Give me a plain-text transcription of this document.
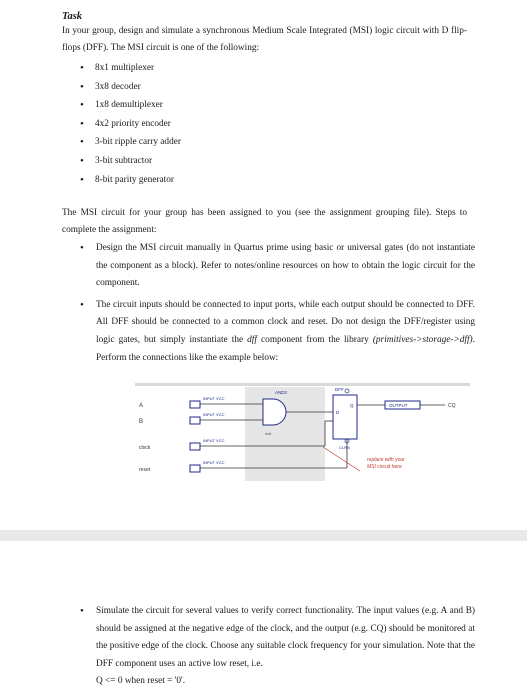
Task
In your group, design and simulate a synchronous Medium Scale Integrated (MSI) logic circuit with D flip-flops (DFF). The MSI circuit is one of the following:
• 8x1 multiplexer
• 3x8 decoder
• 1x8 demultiplexer
• 4x2 priority encoder
• 3-bit ripple carry adder
• 3-bit subtractor
• 8-bit parity generator
The MSI circuit for your group has been assigned to you (see the assignment grouping file). Steps to complete the assignment:
• Design the MSI circuit manually in Quartus prime using basic or universal gates (do not instantiate the component as a block). Refer to notes/online resources on how to obtain the logic circuit for the component.
• The circuit inputs should be connected to input ports, while each output should be connected to DFF. All DFF should be connected to a common clock and reset. Do not design the DFF/register using logic gates, but simply instantiate the dff component from the library (primitives->storage->dff). Perform the connections like the example below:
A
B
clock
reset
INPUT VCC
INPUT VCC
INPUT VCC
INPUT VCC
AND2
inst
DFF
D
Q
CLRN
OUTPUT	CQ
replace with your
MSI circuit here
• Simulate the circuit for several values to verify correct functionality. The input values (e.g. A and B) should be assigned at the negative edge of the clock, and the output (e.g. CQ) should be monitored at the positive edge of the clock. Choose any suitable clock frequency for your simulation. Note that the DFF component uses an active low reset, i.e.
Q <= 0 when reset = '0'.
